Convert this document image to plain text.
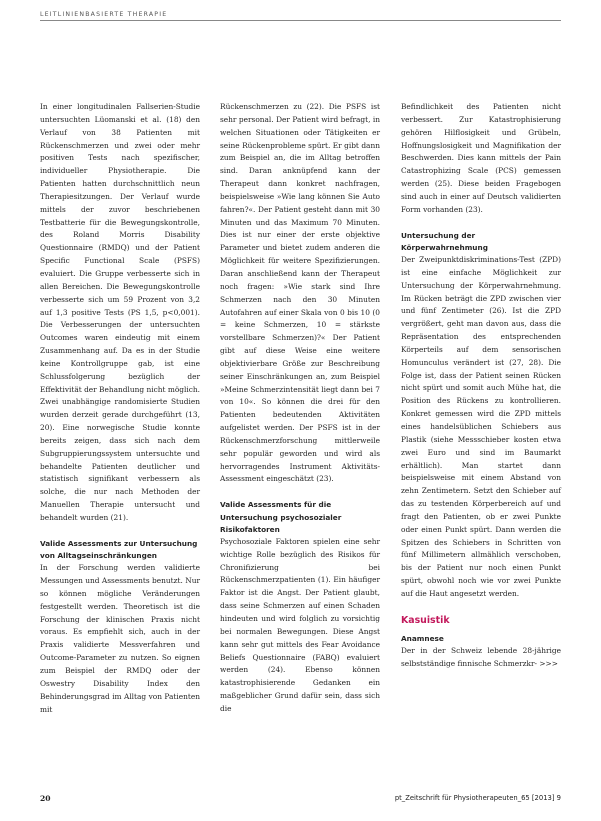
LEITLINIENBASIERTE THERAPIE

In einer longitudinalen Fallserien-Studie untersuchten Lüomanski et al. (18) den Verlauf von 38 Patienten mit Rückenschmerzen und zwei oder mehr positiven Tests nach spezifischer, individueller Physiotherapie. Die Patienten hatten durchschnittlich neun Therapiesitzungen. Der Verlauf wurde mittels der zuvor beschriebenen Testbatterie für die Bewegungskontrolle, des Roland Morris Disability Questionnaire (RMDQ) und der Patient Specific Functional Scale (PSFS) evaluiert. Die Gruppe verbesserte sich in allen Bereichen. Die Bewegungskontrolle verbesserte sich um 59 Prozent von 3,2 auf 1,3 positive Tests (PS 1,5, p<0,001). Die Verbesserungen der untersuchten Outcomes waren eindeutig mit einem Zusammenhang auf. Da es in der Studie keine Kontrollgruppe gab, ist eine Schlussfolgerung bezüglich der Effektivität der Behandlung nicht möglich. Zwei unabhängige randomisierte Studien wurden derzeit gerade durchgeführt (13, 20). Eine norwegische Studie konnte bereits zeigen, dass sich nach dem Subgruppierungssystem untersuchte und behandelte Patienten deutlicher und statistisch signifikant verbessern als solche, die nur nach Methoden der Manuellen Therapie untersucht und behandelt wurden (21).

Valide Assessments zur Untersuchung von Alltagseinschränkungen

In der Forschung werden validierte Messungen und Assessments benutzt. Nur so können mögliche Veränderungen festgestellt werden. Theoretisch ist die Forschung der klinischen Praxis nicht voraus. Es empfiehlt sich, auch in der Praxis validierte Messverfahren und Outcome-Parameter zu nutzen. So eignen zum Beispiel der RMDQ oder der Oswestry Disability Index den Behinderungsgrad im Alltag von Patienten mit

Rückenschmerzen zu (22). Die PSFS ist sehr personal. Der Patient wird befragt, in welchen Situationen oder Tätigkeiten er seine Rückenprobleme spürt. Er gibt dann zum Beispiel an, die im Alltag betroffen sind. Daran anknüpfend kann der Therapeut dann konkret nachfragen, beispielsweise »Wie lang können Sie Auto fahren?«. Der Patient gesteht dann mit 30 Minuten und das Maximum 70 Minuten. Dies ist nur einer der erste objektive Parameter und bietet zudem anderen die Möglichkeit für weitere Spezifizierungen. Daran anschließend kann der Therapeut noch fragen: »Wie stark sind Ihre Schmerzen nach den 30 Minuten Autofahren auf einer Skala von 0 bis 10 (0 = keine Schmerzen, 10 = stärkste vorstellbare Schmerzen)?« Der Patient gibt auf diese Weise eine weitere objektivierbare Größe zur Beschreibung seiner Einschränkungen an, zum Beispiel »Meine Schmerzintensität liegt dann bei 7 von 10«. So können die drei für den Patienten bedeutenden Aktivitäten aufgelistet werden. Der PSFS ist in der Rückenschmerzforschung mittlerweile sehr populär geworden und wird als hervorragendes Instrument Aktivitäts-Assessment eingeschätzt (23).

Valide Assessments für die Untersuchung psychosozialer Risikofaktoren

Psychosoziale Faktoren spielen eine sehr wichtige Rolle bezüglich des Risikos für Chronifizierung bei Rückenschmerzpatienten (1). Ein häufiger Faktor ist die Angst. Der Patient glaubt, dass seine Schmerzen auf einen Schaden hindeuten und wird folglich zu vorsichtig bei normalen Bewegungen. Diese Angst kann sehr gut mittels des Fear Avoidance Beliefs Questionnaire (FABQ) evaluiert werden (24). Ebenso können katastrophisierende Gedanken ein maßgeblicher Grund dafür sein, dass sich die

Befindlichkeit des Patienten nicht verbessert. Zur Katastrophisierung gehören Hilflosigkeit und Grübeln, Hoffnungslosigkeit und Magnifikation der Beschwerden. Dies kann mittels der Pain Catastrophizing Scale (PCS) gemessen werden (25). Diese beiden Fragebogen sind auch in einer auf Deutsch validierten Form vorhanden (23).

Untersuchung der Körperwahrnehmung

Der Zweipunktdiskriminations-Test (ZPD) ist eine einfache Möglichkeit zur Untersuchung der Körperwahrnehmung. Im Rücken beträgt die ZPD zwischen vier und fünf Zentimeter (26). Ist die ZPD vergrößert, geht man davon aus, dass die Repräsentation des entsprechenden Körperteils auf dem sensorischen Homunculus verändert ist (27, 28). Die Folge ist, dass der Patient seinen Rücken nicht spürt und somit auch Mühe hat, die Position des Rückens zu kontrollieren. Konkret gemessen wird die ZPD mittels eines handelsüblichen Schiebers aus Plastik (siehe Messschieber kosten etwa zwei Euro und sind im Baumarkt erhältlich). Man startet dann beispielsweise mit einem Abstand von zehn Zentimetern. Setzt den Schieber auf das zu testenden Körperbereich auf und fragt den Patienten, ob er zwei Punkte oder einen Punkt spürt. Dann werden die Spitzen des Schiebers in Schritten von fünf Millimetern allmählich verschoben, bis der Patient nur noch einen Punkt spürt, obwohl noch wie vor zwei Punkte auf die Haut angesetzt werden.

Kasuistik

Anamnese

Der in der Schweiz lebende 28-jährige selbstständige finnische Schmerzkr- >>>

20	pt_Zeitschrift für Physiotherapeuten_65 [2013] 9
